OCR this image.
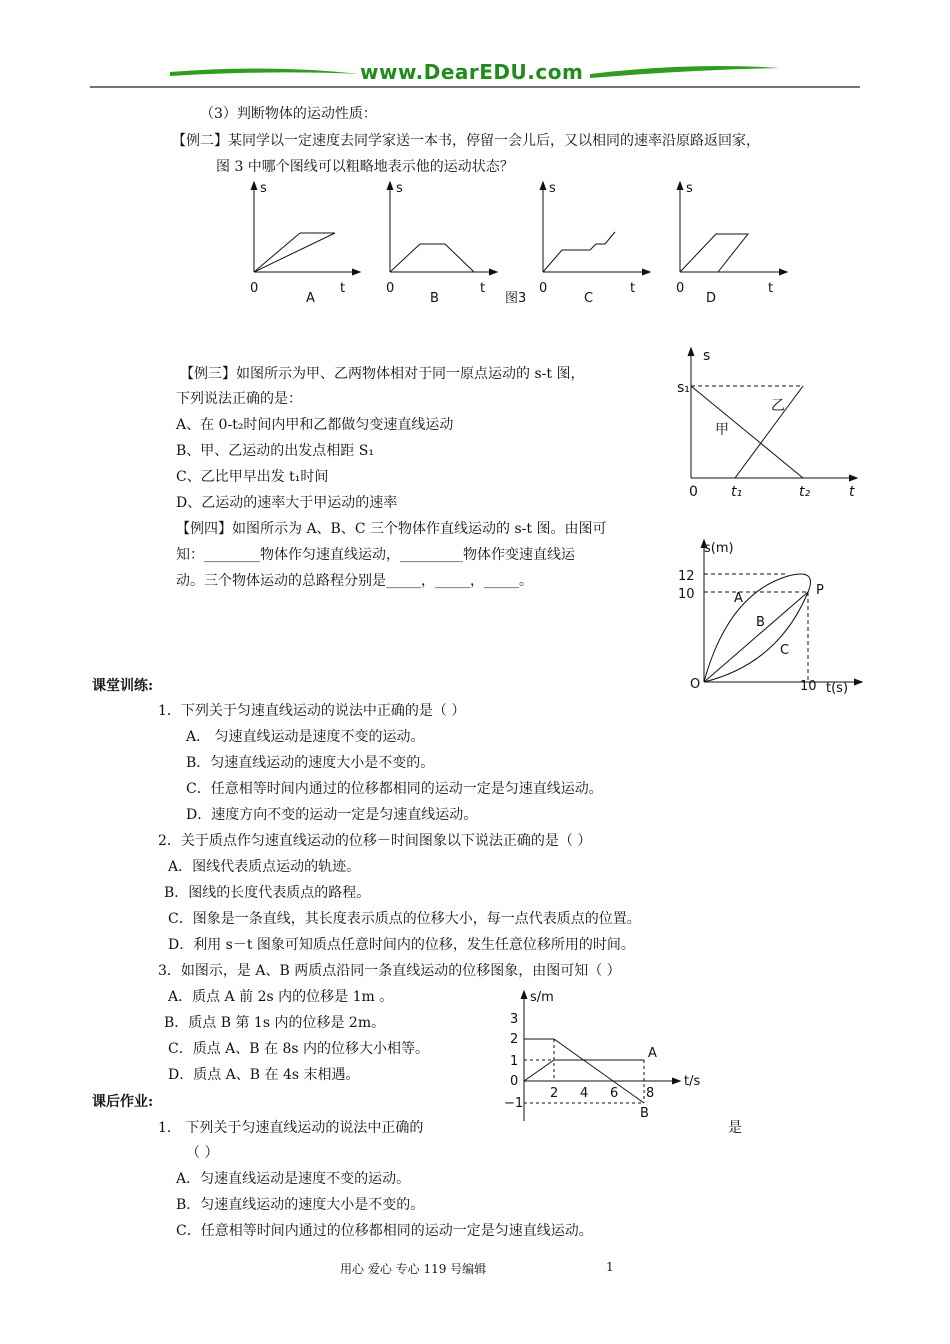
www.DearEDU.com
（3）判断物体的运动性质：
【例二】某同学以一定速度去同学家送一本书，停留一会儿后，又以相同的速率沿原路返回家，
图 3 中哪个图线可以粗略地表示他的运动状态？
s	s	s	s
0	0	0	0
t	t	t	t
A	B	C	D
图3
【例三】如图所示为甲、乙两物体相对于同一原点运动的 s-t 图，
下列说法正确的是：
A、在 0-t₂时间内甲和乙都做匀变速直线运动
B、甲、乙运动的出发点相距 S₁
C、乙比甲早出发 t₁时间
D、乙运动的速率大于甲运动的速率
s
s₁
乙
甲
0 t₁	t₂	t
【例四】如图所示为 A、B、C 三个物体作直线运动的 s-t 图。由图可
知：________物体作匀速直线运动，_________物体作变速直线运
动。三个物体运动的总路程分别是_____，_____，_____。
s(m)
12
10	P
A
B
C
O	10 t(s)
课堂训练:
1．下列关于匀速直线运动的说法中正确的是（ ）
A． 匀速直线运动是速度不变的运动。
B．匀速直线运动的速度大小是不变的。
C．任意相等时间内通过的位移都相同的运动一定是匀速直线运动。
D．速度方向不变的运动一定是匀速直线运动。
2．关于质点作匀速直线运动的位移－时间图象以下说法正确的是（ ）
A．图线代表质点运动的轨迹。
B．图线的长度代表质点的路程。
C．图象是一条直线，其长度表示质点的位移大小，每一点代表质点的位置。
D．利用 s－t 图象可知质点任意时间内的位移，发生任意位移所用的时间。
3．如图示，是 A、B 两质点沿同一条直线运动的位移图象，由图可知（ ）
A．质点 A 前 2s 内的位移是 1m 。
B．质点 B 第 1s 内的位移是 2m。
C．质点 A、B 在 8s 内的位移大小相等。
D．质点 A、B 在 4s 末相遇。
s/m
3
2
1
0
−1
2 4 6 8
A
B
t/s
课后作业:
1． 下列关于匀速直线运动的说法中正确的	是
（ ）
A．匀速直线运动是速度不变的运动。
B．匀速直线运动的速度大小是不变的。
C．任意相等时间内通过的位移都相同的运动一定是匀速直线运动。
用心 爱心 专心 119 号编辑	1
